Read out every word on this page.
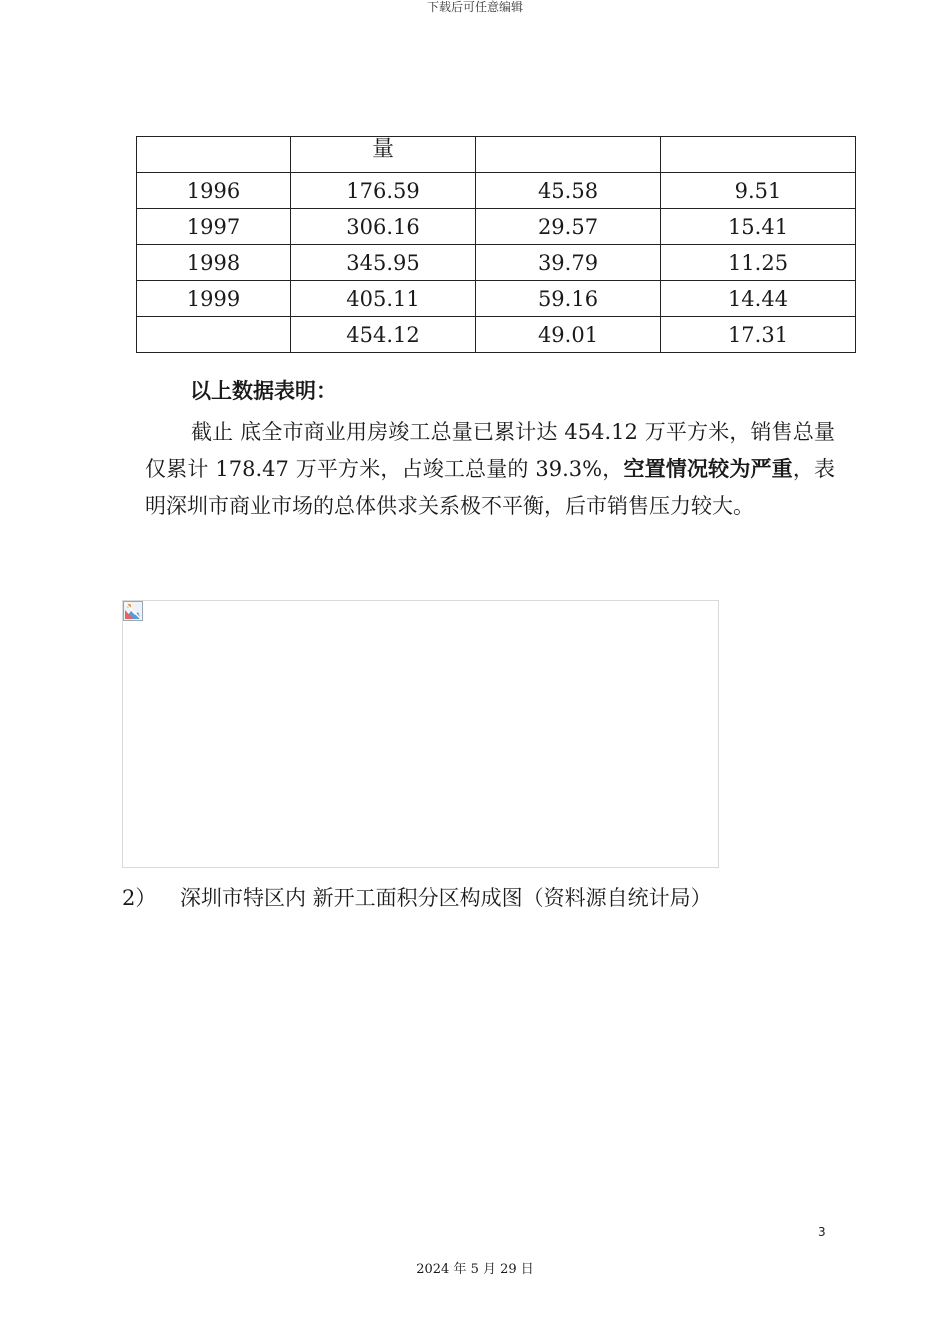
下载后可任意编辑
	量		
1996	176.59	45.58	9.51
1997	306.16	29.57	15.41
1998	345.95	39.79	11.25
1999	405.11	59.16	14.44
	454.12	49.01	17.31
以上数据表明：

截止 底全市商业用房竣工总量已累计达 454.12 万平方米，销售总量仅累计 178.47 万平方米，占竣工总量的 39.3%，空置情况较为严重，表明深圳市商业市场的总体供求关系极不平衡，后市销售压力较大。

2） 深圳市特区内 新开工面积分区构成图（资料源自统计局）
3
2024 年 5 月 29 日
